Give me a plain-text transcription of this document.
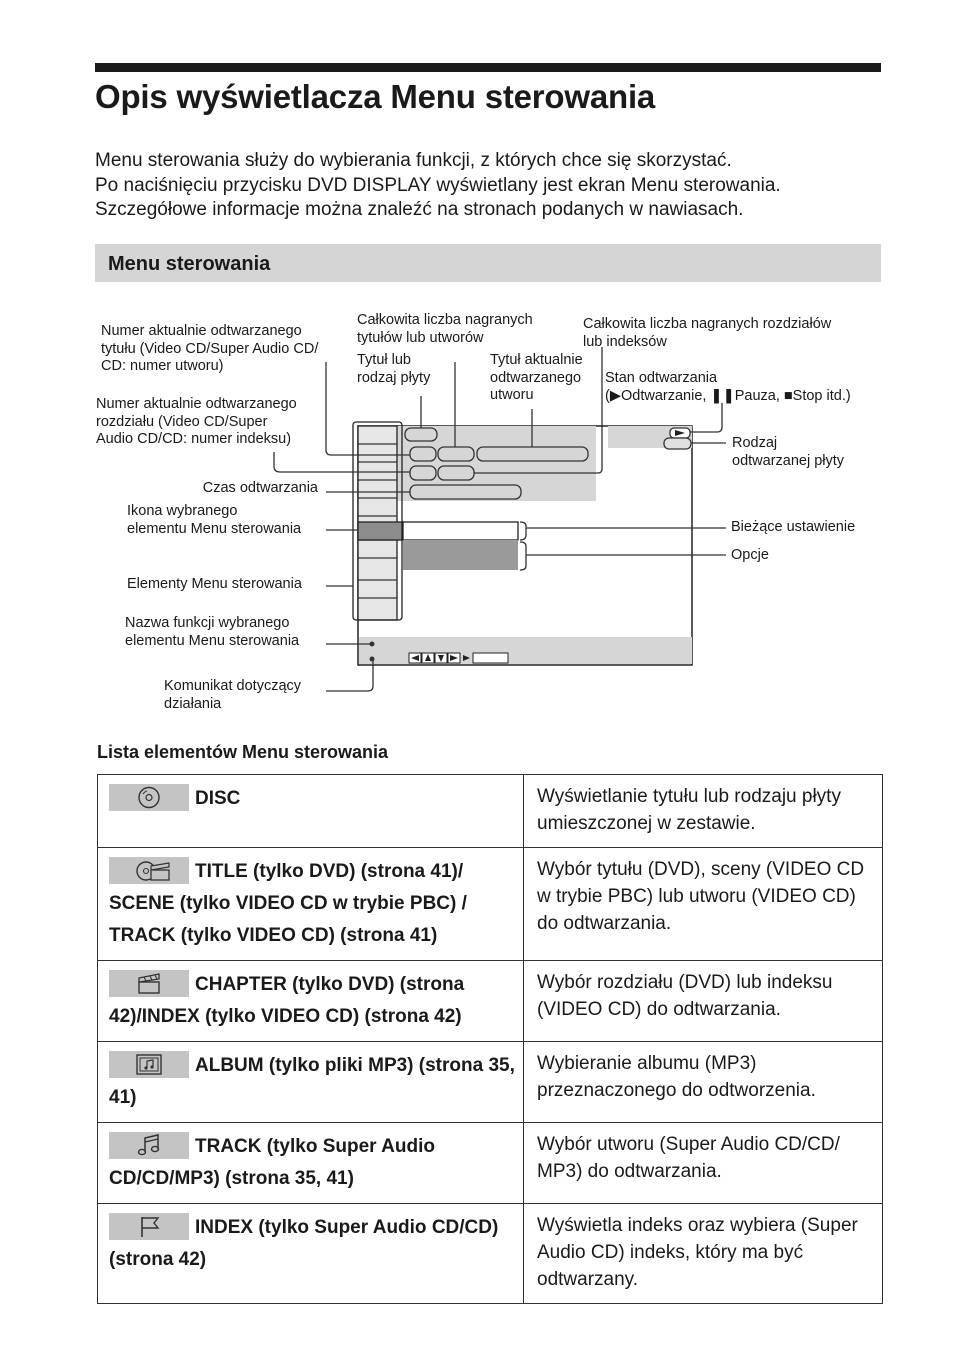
Opis wyświetlacza Menu sterowania
Menu sterowania służy do wybierania funkcji, z których chce się skorzystać.
Po naciśnięciu przycisku DVD DISPLAY wyświetlany jest ekran Menu sterowania.
Szczegółowe informacje można znaleźć na stronach podanych w nawiasach.
Menu sterowania
Numer aktualnie odtwarzanego
tytułu (Video CD/Super Audio CD/
CD: numer utworu)
Całkowita liczba nagranych
tytułów lub utworów
Całkowita liczba nagranych rozdziałów
lub indeksów
Tytuł lub
rodzaj płyty
Tytuł aktualnie
odtwarzanego
utworu
Stan odtwarzania
(▶Odtwarzanie, ❚❚Pauza, ■Stop itd.)
Numer aktualnie odtwarzanego
rozdziału (Video CD/Super
Audio CD/CD: numer indeksu)	Rodzaj
odtwarzanej płyty
Czas odtwarzania
Ikona wybranego
elementu Menu sterowania	Bieżące ustawienie
Opcje
Elementy Menu sterowania
Nazwa funkcji wybranego
elementu Menu sterowania
Komunikat dotyczący
działania
Lista elementów Menu sterowania
DISC	Wyświetlanie tytułu lub rodzaju płyty umieszczonej w zestawie.

TITLE (tylko DVD) (strona 41)/ SCENE (tylko VIDEO CD w trybie PBC) / TRACK (tylko VIDEO CD) (strona 41)	Wybór tytułu (DVD), sceny (VIDEO CD w trybie PBC) lub utworu (VIDEO CD) do odtwarzania.

CHAPTER (tylko DVD) (strona 42)/INDEX (tylko VIDEO CD) (strona 42)	Wybór rozdziału (DVD) lub indeksu (VIDEO CD) do odtwarzania.

ALBUM (tylko pliki MP3) (strona 35, 41)	Wybieranie albumu (MP3) przeznaczonego do odtworzenia.

TRACK (tylko Super Audio CD/CD/MP3) (strona 35, 41)	Wybór utworu (Super Audio CD/CD/ MP3) do odtwarzania.

INDEX (tylko Super Audio CD/CD) (strona 42)	Wyświetla indeks oraz wybiera (Super Audio CD) indeks, który ma być odtwarzany.
